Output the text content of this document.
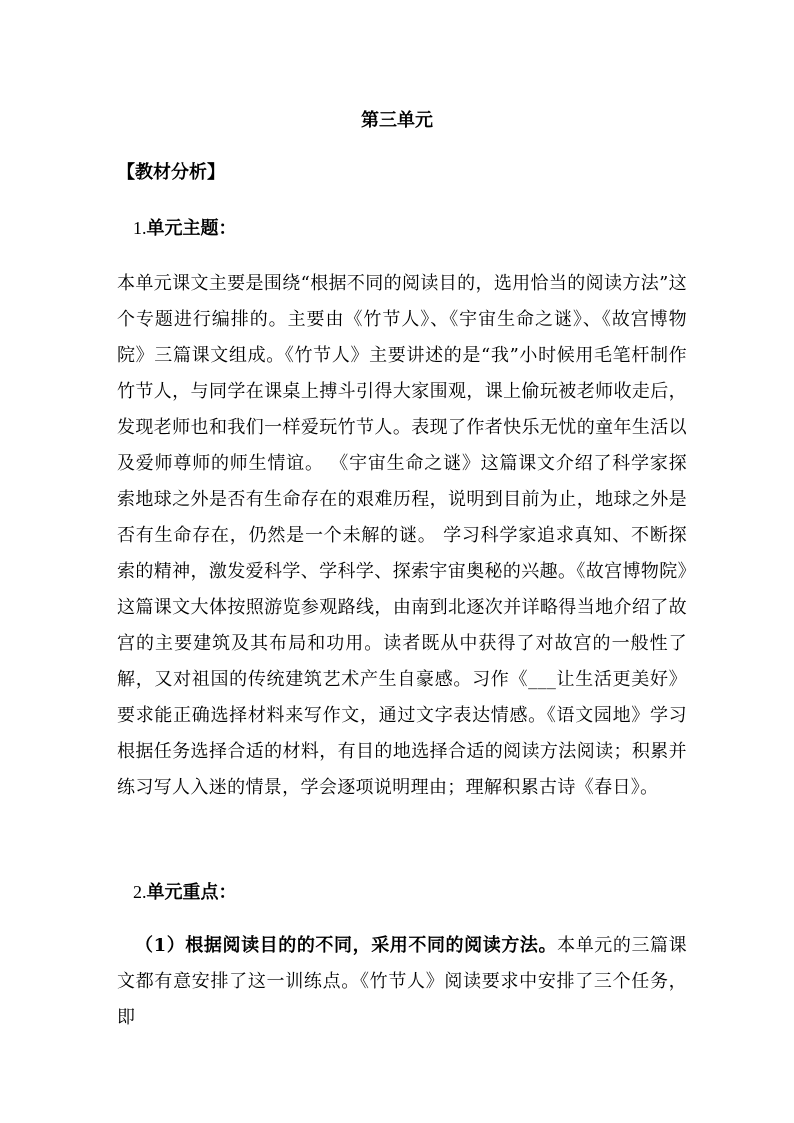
第三单元
【教材分析】
1.单元主题：
本单元课文主要是围绕“根据不同的阅读目的，选用恰当的阅读方法”这个专题进行编排的。主要由《竹节人》、《宇宙生命之谜》、《故宫博物院》三篇课文组成。《竹节人》主要讲述的是“我”小时候用毛笔杆制作竹节人，与同学在课桌上搏斗引得大家围观，课上偷玩被老师收走后，发现老师也和我们一样爱玩竹节人。表现了作者快乐无忧的童年生活以及爱师尊师的师生情谊。 《宇宙生命之谜》这篇课文介绍了科学家探索地球之外是否有生命存在的艰难历程，说明到目前为止，地球之外是否有生命存在，仍然是一个未解的谜。 学习科学家追求真知、不断探索的精神，激发爱科学、学科学、探索宇宙奥秘的兴趣。《故宫博物院》这篇课文大体按照游览参观路线，由南到北逐次并详略得当地介绍了故宫的主要建筑及其布局和功用。读者既从中获得了对故宫的一般性了解，又对祖国的传统建筑艺术产生自豪感。习作《___让生活更美好》要求能正确选择材料来写作文，通过文字表达情感。《语文园地》学习根据任务选择合适的材料，有目的地选择合适的阅读方法阅读；积累并练习写人入迷的情景，学会逐项说明理由；理解积累古诗《春日》。
2.单元重点：
（1）根据阅读目的的不同，采用不同的阅读方法。本单元的三篇课文都有意安排了这一训练点。《竹节人》阅读要求中安排了三个任务，即
